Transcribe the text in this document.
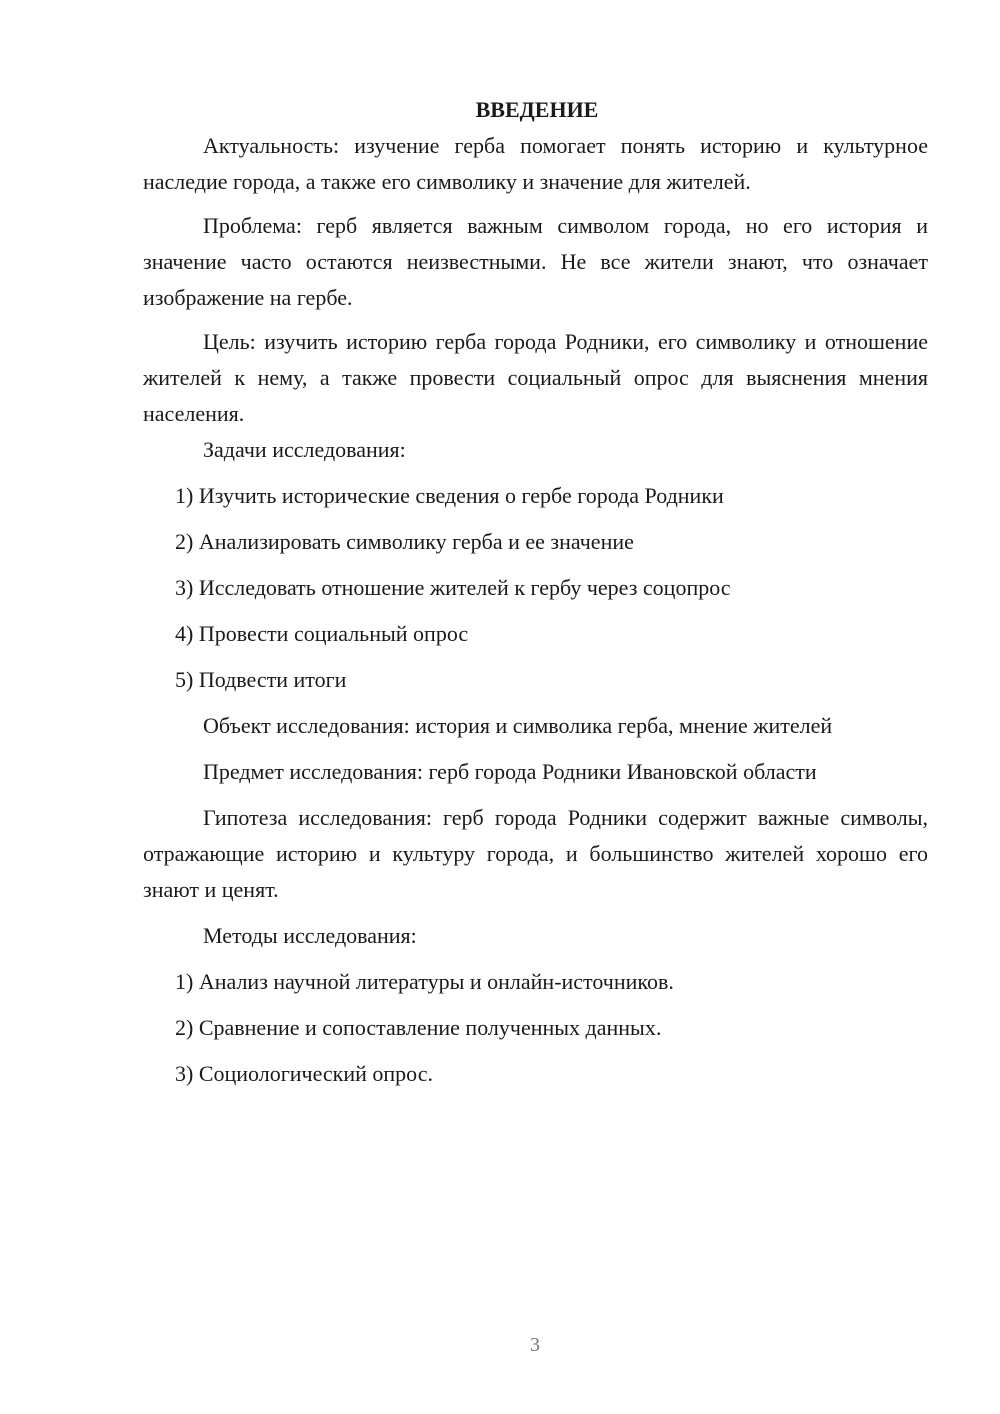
ВВЕДЕНИЕ

Актуальность: изучение герба помогает понять историю и культурное наследие города, а также его символику и значение для жителей.

Проблема: герб является важным символом города, но его история и значение часто остаются неизвестными. Не все жители знают, что означает изображение на гербе.

Цель: изучить историю герба города Родники, его символику и отношение жителей к нему, а также провести социальный опрос для выяснения мнения населения.

Задачи исследования:

1) Изучить исторические сведения о гербе города Родники

2) Анализировать символику герба и ее значение

3) Исследовать отношение жителей к гербу через соцопрос

4) Провести социальный опрос

5) Подвести итоги

Объект исследования: история и символика герба, мнение жителей

Предмет исследования: герб города Родники Ивановской области

Гипотеза исследования: герб города Родники содержит важные символы, отражающие историю и культуру города, и большинство жителей хорошо его знают и ценят.

Методы исследования:

1) Анализ научной литературы и онлайн-источников.

2) Сравнение и сопоставление полученных данных.

3) Социологический опрос.

3
